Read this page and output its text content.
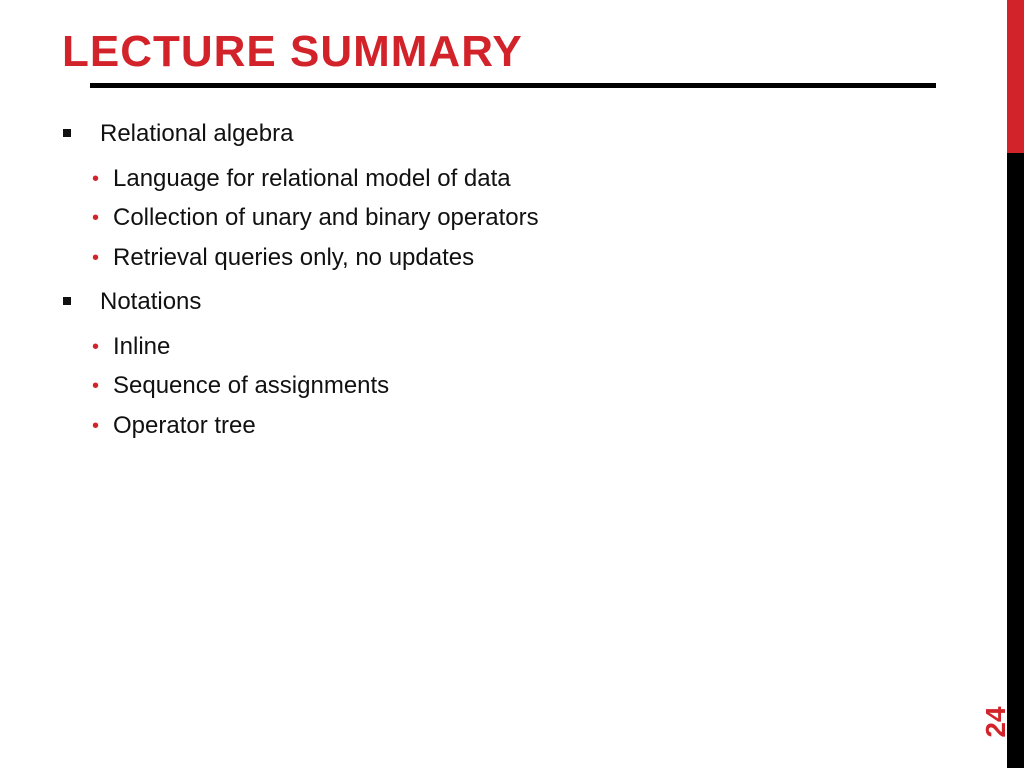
LECTURE SUMMARY
24
Relational algebra
• Language for relational model of data
• Collection of unary and binary operators
• Retrieval queries only, no updates
Notations
• Inline
• Sequence of assignments
• Operator tree
